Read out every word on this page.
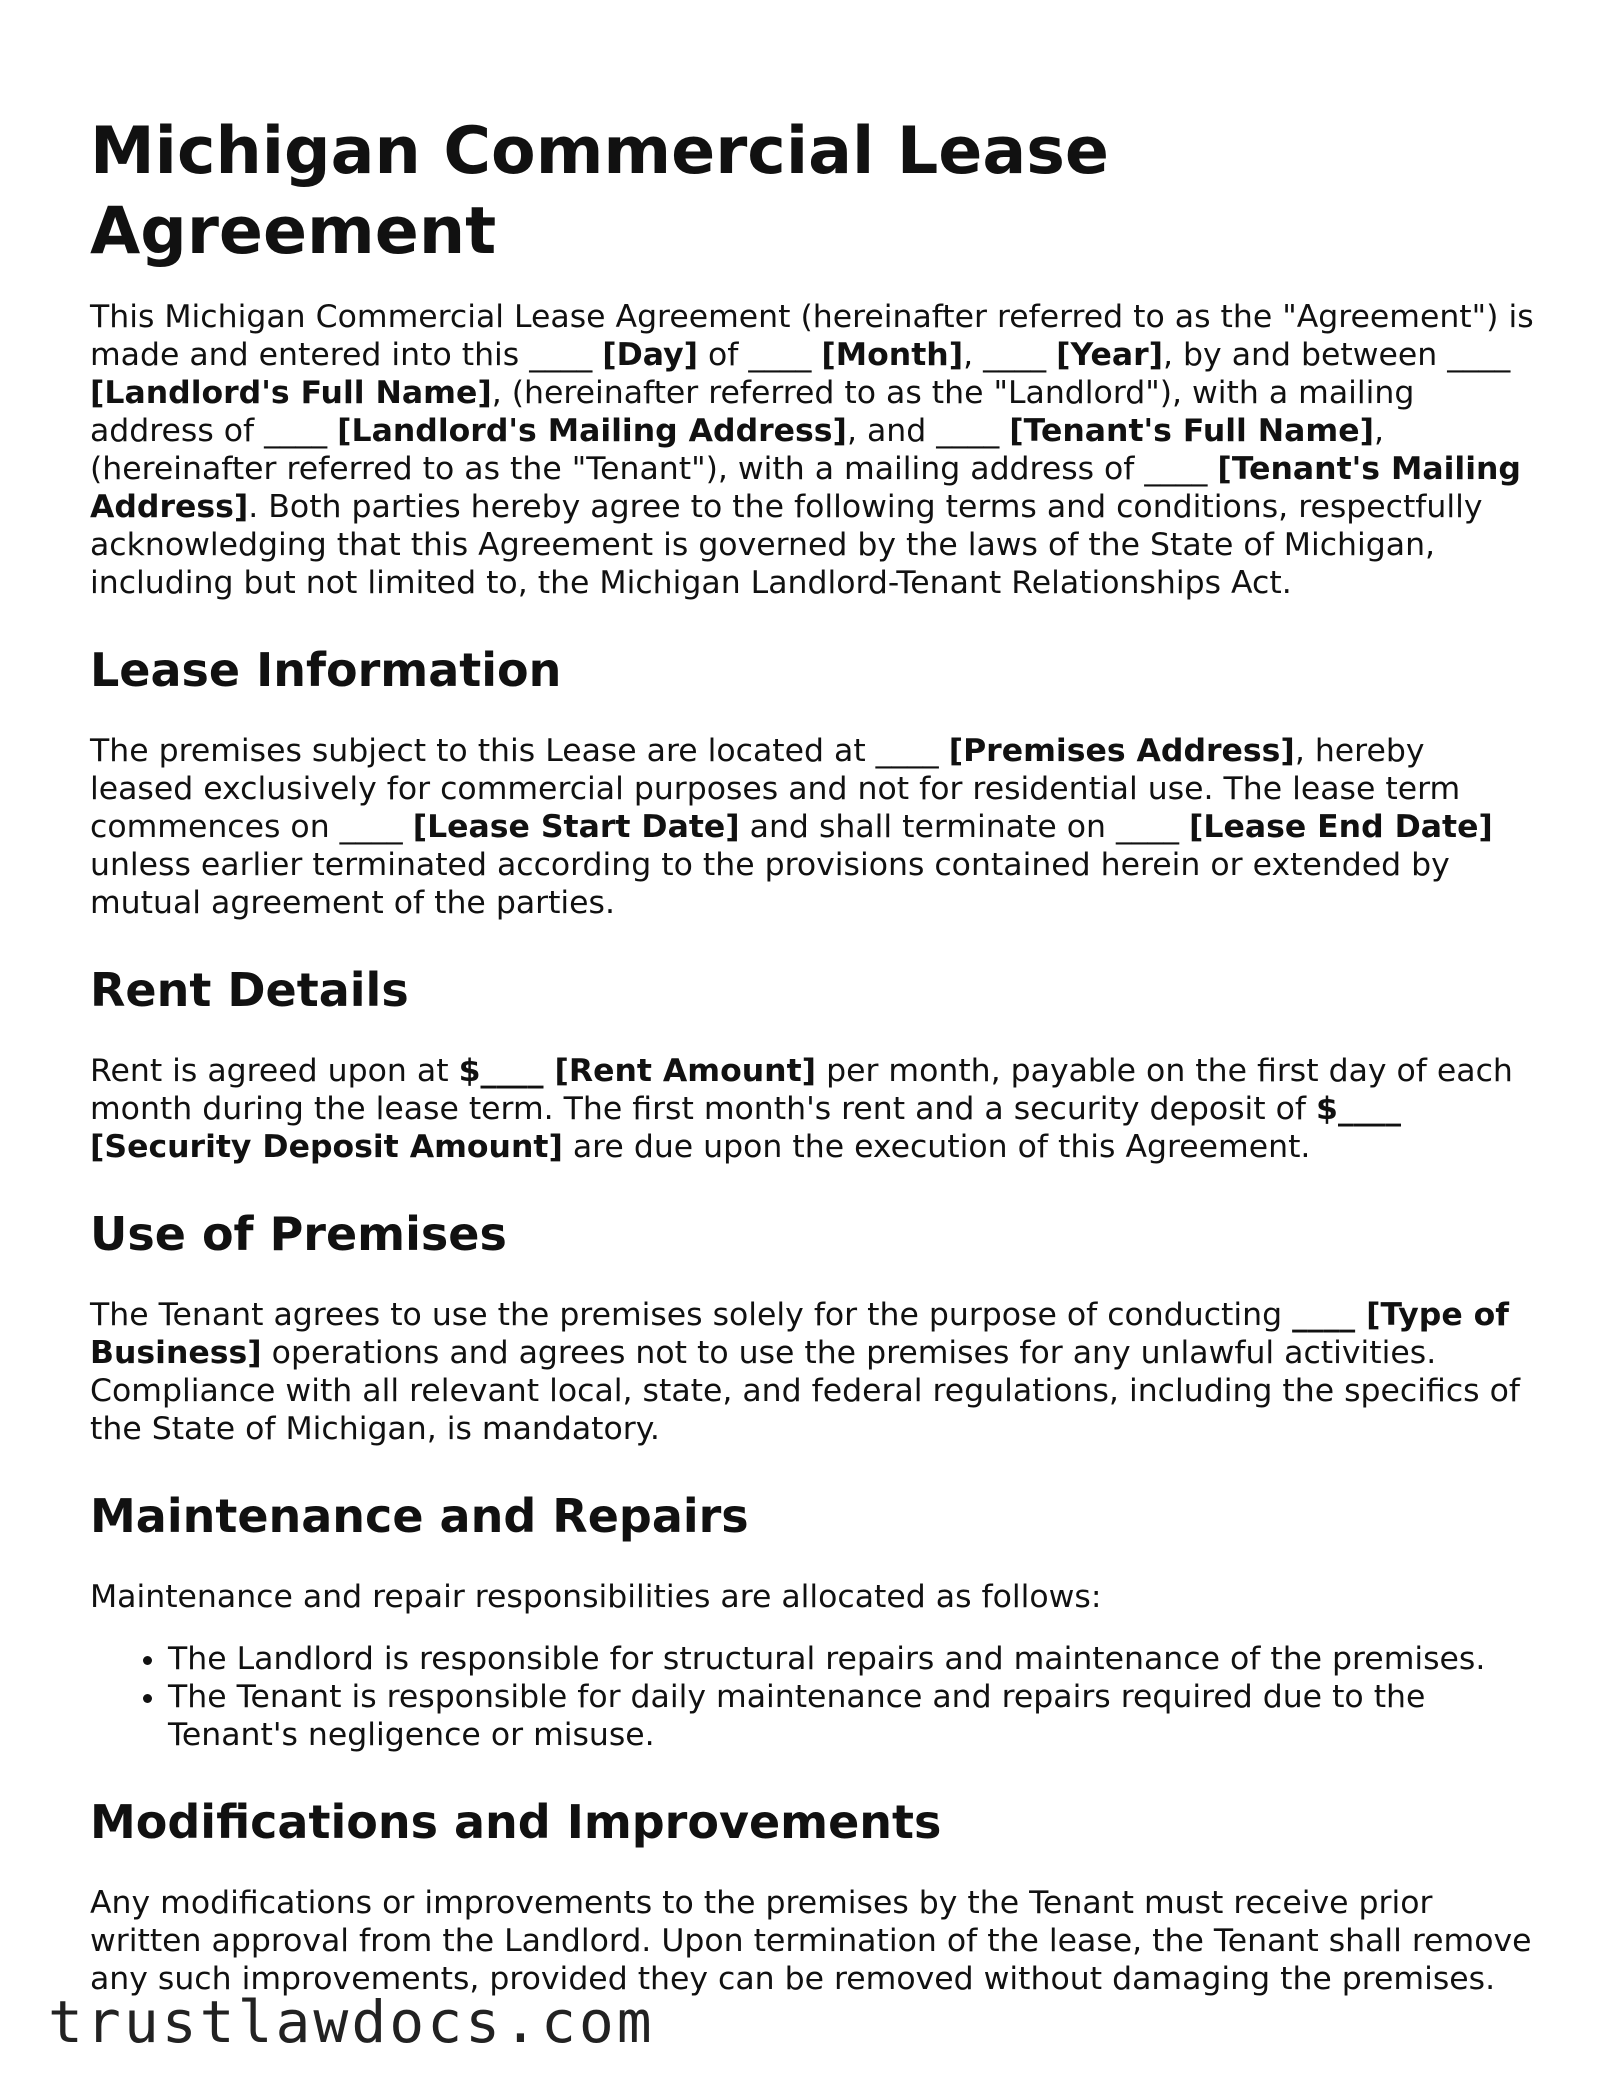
Michigan Commercial Lease Agreement

This Michigan Commercial Lease Agreement (hereinafter referred to as the "Agreement") is made and entered into this ____ [Day] of ____ [Month], ____ [Year], by and between ____ [Landlord's Full Name], (hereinafter referred to as the "Landlord"), with a mailing address of ____ [Landlord's Mailing Address], and ____ [Tenant's Full Name], (hereinafter referred to as the "Tenant"), with a mailing address of ____ [Tenant's Mailing Address]. Both parties hereby agree to the following terms and conditions, respectfully acknowledging that this Agreement is governed by the laws of the State of Michigan, including but not limited to, the Michigan Landlord-Tenant Relationships Act.

Lease Information

The premises subject to this Lease are located at ____ [Premises Address], hereby leased exclusively for commercial purposes and not for residential use. The lease term commences on ____ [Lease Start Date] and shall terminate on ____ [Lease End Date] unless earlier terminated according to the provisions contained herein or extended by mutual agreement of the parties.

Rent Details

Rent is agreed upon at $____ [Rent Amount] per month, payable on the first day of each month during the lease term. The first month's rent and a security deposit of $____ [Security Deposit Amount] are due upon the execution of this Agreement.

Use of Premises

The Tenant agrees to use the premises solely for the purpose of conducting ____ [Type of Business] operations and agrees not to use the premises for any unlawful activities. Compliance with all relevant local, state, and federal regulations, including the specifics of the State of Michigan, is mandatory.

Maintenance and Repairs

Maintenance and repair responsibilities are allocated as follows:

• The Landlord is responsible for structural repairs and maintenance of the premises.
• The Tenant is responsible for daily maintenance and repairs required due to the Tenant's negligence or misuse.
Modifications and Improvements

Any modifications or improvements to the premises by the Tenant must receive prior written approval from the Landlord. Upon termination of the lease, the Tenant shall remove any such improvements, provided they can be removed without damaging the premises.

trustlawdocs.com
